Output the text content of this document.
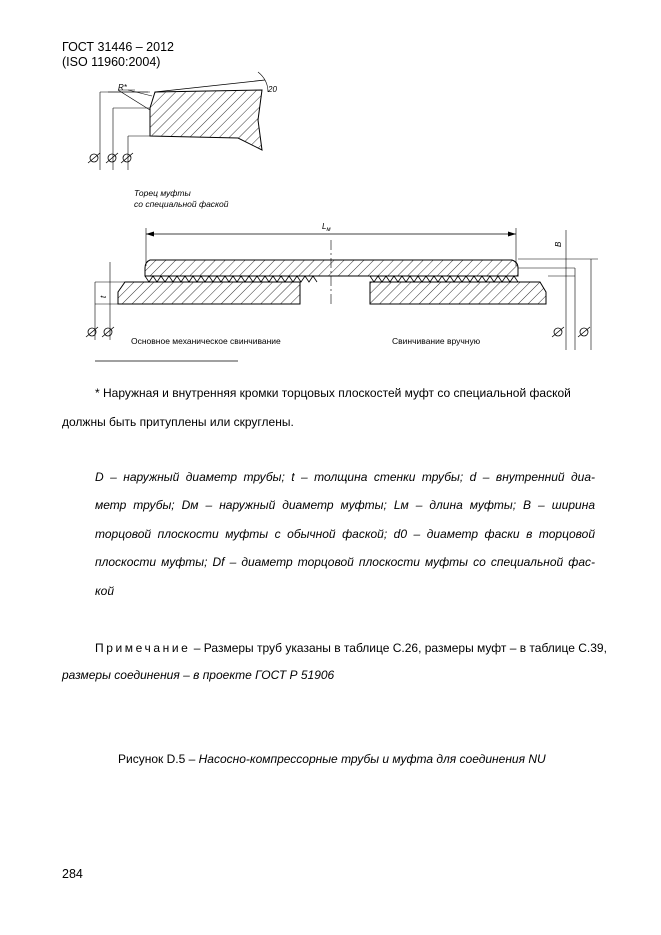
ГОСТ 31446 – 2012
(ISO 11960:2004)
R*	20
Торец муфты
со специальной фаской
$L_м$
B
t
Основное механическое свинчивание	Свинчивание вручную
* Наружная и внутренняя кромки торцовых плоскостей муфт со специальной фаской
должны быть притуплены или скруглены.
D – наружный диаметр трубы; t – толщина стенки трубы; d – внутренний диа-
метр трубы; Dм – наружный диаметр муфты; Lм – длина муфты; B – ширина
торцовой плоскости муфты с обычной фаской; d0 – диаметр фаски в торцовой
плоскости муфты; Df – диаметр торцовой плоскости муфты со специальной фас-
кой
Примечание – Размеры труб указаны в таблице С.26, размеры муфт – в таблице С.39,
размеры соединения – в проекте ГОСТ Р 51906
Рисунок D.5 – Насосно-компрессорные трубы и муфта для соединения NU
284
